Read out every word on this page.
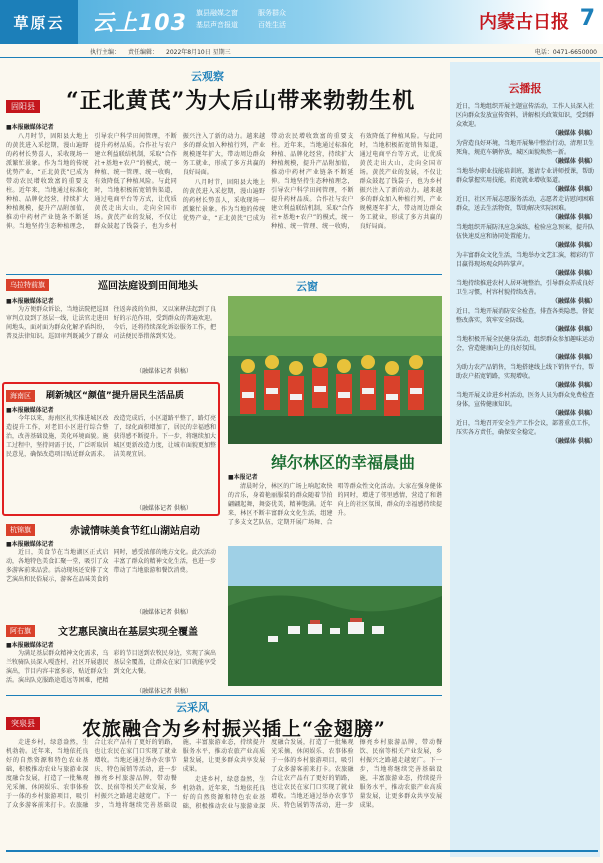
草原云	云上103 旗县融媒之窗
基层声音报道
服务群众
百姓生活	内蒙古日报 7
执行主编： 责任编辑： 2022年8月10日 星期三	电话：0471-6650000
云观察
“正北黄芪”为大后山带来勃勃生机
固阳县
■本报融媒体记者

八月时节，固阳县大地上的黄芪进入采挖期，漫山遍野的药材长势喜人，采收现场一派繁忙景象。作为当地的传统优势产业，“正北黄芪”已成为带动农民增收致富的重要支柱。近年来，当地通过标准化种植、品牌化经营，持续扩大种植规模，提升产品附加值，推动中药材产业链条不断延伸。当地坚持生态种植理念，引导农户科学田间管理，不断提升药材品质。合作社与农户建立利益联结机制，采取“合作社+基地+农户”的模式，统一种植、统一管理、统一收购，有效降低了种植风险。与此同时，当地积极拓宽销售渠道，通过电商平台等方式，让优质黄芪走出大山，走向全国市场。黄芪产业的发展，不仅让群众鼓起了钱袋子，也为乡村振兴注入了新的动力。越来越多的群众加入种植行列，产业规模逐年扩大，带动周边群众务工就业，形成了多方共赢的良好局面。

八月时节，固阳县大地上的黄芪进入采挖期，漫山遍野的药材长势喜人，采收现场一派繁忙景象。作为当地的传统优势产业，“正北黄芪”已成为带动农民增收致富的重要支柱。近年来，当地通过标准化种植、品牌化经营，持续扩大种植规模，提升产品附加值，推动中药材产业链条不断延伸。当地坚持生态种植理念，引导农户科学田间管理，不断提升药材品质。合作社与农户建立利益联结机制，采取“合作社+基地+农户”的模式，统一种植、统一管理、统一收购，有效降低了种植风险。与此同时，当地积极拓宽销售渠道，通过电商平台等方式，让优质黄芪走出大山，走向全国市场。黄芪产业的发展，不仅让群众鼓起了钱袋子，也为乡村振兴注入了新的动力。越来越多的群众加入种植行列，产业规模逐年扩大，带动周边群众务工就业，形成了多方共赢的良好局面。

乌拉特前旗	巡回法庭设到田间地头
■本报融媒体记者

为方便群众诉讼，当地法院把巡回审判点设到了基层一线，让法官走进田间地头，面对面为群众化解矛盾纠纷，普及法律知识。巡回审判既减少了群众往返奔波的负担，又以案释法起到了良好的示范作用，受到群众的普遍欢迎。今后，还将持续深化诉讼服务工作，把司法便民举措落到实处。

（融媒体记者 供稿）
海南区	刷新城区“颜值”提升居民生活品质
■本报融媒体记者

今年以来，海南区扎实推进城区改造提升工作，对老旧小区进行综合整治，改善基础设施，美化环境面貌。施工过程中，坚持问需于民，广泛听取居民意见，确保改造项目贴近群众需求。改造完成后，小区道路平整了，路灯亮了，绿化面积增加了，居民的幸福感和获得感不断提升。下一步，将继续加大城区更新改造力度，让城市面貌更加整洁美观宜居。

（融媒体记者 供稿）
杭锦旗	赤诚情味美食节红山湖站启动
■本报融媒体记者

近日，美食节在当地湖区正式启动，各地特色美食汇聚一堂，吸引了众多游客前来品尝。活动现场还安排了文艺演出和民俗展示，游客在品味美食的同时，感受浓郁的地方文化。此次活动丰富了群众的精神文化生活，也进一步带动了当地旅游和餐饮消费。

（融媒体记者 供稿）
阿右旗	文艺惠民演出在基层实现全覆盖
■本报融媒体记者

为满足基层群众精神文化需求，乌兰牧骑队员深入嘎查村、社区开展惠民演出，节目内容丰富多彩，贴近群众生活。演出队克服路途遥远等困难，把精彩的节目送到农牧民身边，实现了演出基层全覆盖，让群众在家门口就能享受到文化大餐。

（融媒体记者 供稿）
云窗
绰尔林区的幸福晨曲
■本报记者

清晨时分，林区的广场上响起欢快的音乐，身着艳丽服装的群众随着节拍翩翩起舞，舞姿优美，精神饱满。近年来，林区不断丰富群众文化生活，组建了多支文艺队伍，定期开展广场舞、合唱等群众性文化活动。大家在强身健体的同时，增进了邻里感情，营造了和谐向上的社区氛围，群众的幸福感持续提升。

云采风
突泉县 农旅融合为乡村振兴插上“金翅膀”

走进乡村，绿意盎然，生机勃勃。近年来，当地依托良好的自然资源和特色农业基础，积极推动农业与旅游业深度融合发展，打造了一批集观光采摘、休闲娱乐、农事体验于一体的乡村旅游项目，吸引了众多游客前来打卡。农旅融合让农产品有了更好的销路，也让农民在家门口实现了就业增收。当地还通过举办农事节庆、特色展销等活动，进一步擦亮乡村旅游品牌，带动餐饮、民宿等相关产业发展，乡村振兴之路越走越宽广。下一步，当地将继续完善基础设施，丰富旅游业态，持续提升服务水平，推动农旅产业高质量发展，让更多群众共享发展成果。

走进乡村，绿意盎然，生机勃勃。近年来，当地依托良好的自然资源和特色农业基础，积极推动农业与旅游业深度融合发展，打造了一批集观光采摘、休闲娱乐、农事体验于一体的乡村旅游项目，吸引了众多游客前来打卡。农旅融合让农产品有了更好的销路，也让农民在家门口实现了就业增收。当地还通过举办农事节庆、特色展销等活动，进一步擦亮乡村旅游品牌，带动餐饮、民宿等相关产业发展，乡村振兴之路越走越宽广。下一步，当地将继续完善基础设施，丰富旅游业态，持续提升服务水平，推动农旅产业高质量发展，让更多群众共享发展成果。

云播报

近日，当地组织开展主题宣传活动，工作人员深入社区向群众发放宣传资料，讲解相关政策知识，受到群众欢迎。
（融媒体 供稿）

为营造良好环境，当地开展集中整治行动，清理卫生死角，规范车辆停放，城区面貌焕然一新。
（融媒体 供稿）

当地举办职业技能培训班，邀请专业讲师授课，帮助群众掌握实用技能，拓宽就业增收渠道。
（融媒体 供稿）

近日，社区开展志愿服务活动，志愿者走访慰问困难群众，送去生活物资，帮助解决实际困难。
（融媒体 供稿）

当地组织开展防汛应急演练，检验应急预案，提升队伍快速反应和协同处置能力。
（融媒体 供稿）

为丰富群众文化生活，当地举办文艺汇演，精彩的节目赢得现场观众阵阵掌声。
（融媒体 供稿）

当地持续推进农村人居环境整治，引导群众养成良好卫生习惯，村容村貌持续改善。
（融媒体 供稿）

近日，当地开展消防安全检查，排查各类隐患，督促整改落实，筑牢安全防线。
（融媒体 供稿）

当地积极开展全民健身活动，组织群众参加趣味运动会，营造健康向上的良好氛围。
（融媒体 供稿）

为助力农产品销售，当地搭建线上线下销售平台，帮助农户拓宽销路，实现增收。
（融媒体 供稿）

当地开展义诊进乡村活动，医务人员为群众免费检查身体，宣传健康知识。
（融媒体 供稿）

近日，当地召开安全生产工作会议，部署重点工作，压实各方责任，确保安全稳定。
（融媒体 供稿）
